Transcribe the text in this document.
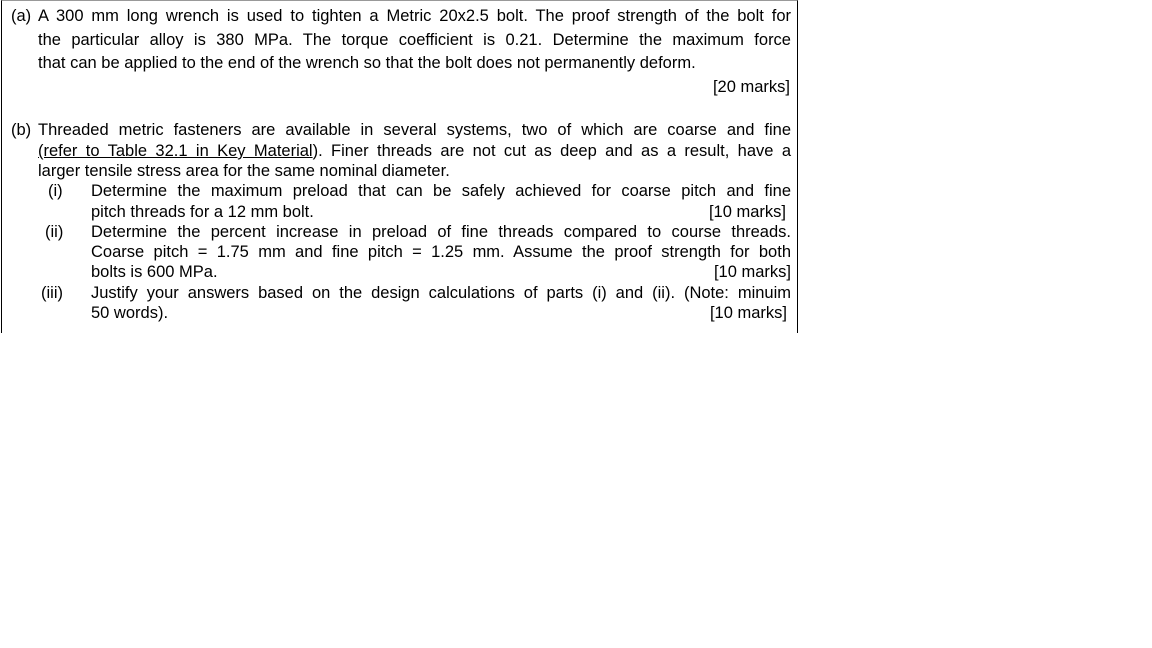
(a) A 300 mm long wrench is used to tighten a Metric 20x2.5 bolt. The proof strength of the bolt for
the particular alloy is 380 MPa. The torque coefficient is 0.21. Determine the maximum force
that can be applied to the end of the wrench so that the bolt does not permanently deform.
[20 marks]
(b) Threaded metric fasteners are available in several systems, two of which are coarse and fine
(refer to Table 32.1 in Key Material). Finer threads are not cut as deep and as a result, have a
larger tensile stress area for the same nominal diameter.
(i) Determine the maximum preload that can be safely achieved for coarse pitch and fine
pitch threads for a 12 mm bolt.	[10 marks]
(ii) Determine the percent increase in preload of fine threads compared to course threads.
Coarse pitch = 1.75 mm and fine pitch = 1.25 mm. Assume the proof strength for both
bolts is 600 MPa.	[10 marks]
(iii) Justify your answers based on the design calculations of parts (i) and (ii). (Note: minuim
50 words).	[10 marks]
